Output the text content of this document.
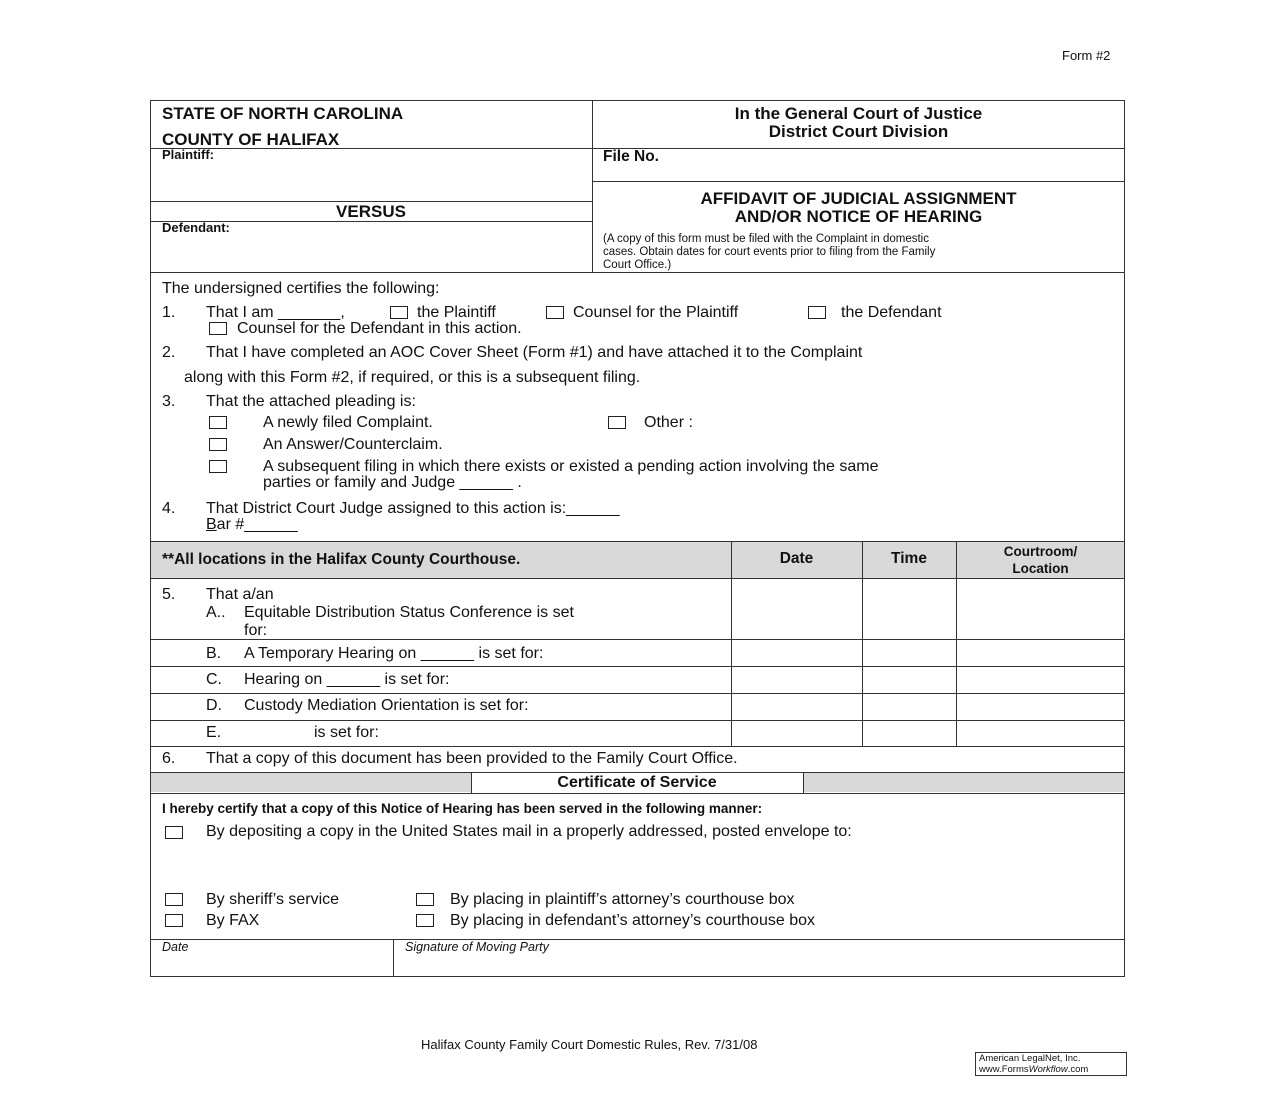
Form #2
STATE OF NORTH CAROLINA
COUNTY OF HALIFAX
In the General Court of Justice
District Court Division
Plaintiff:	File No.
VERSUS
Defendant:
AFFIDAVIT OF JUDICIAL ASSIGNMENT
AND/OR NOTICE OF HEARING
(A copy of this form must be filed with the Complaint in domestic
cases. Obtain dates for court events prior to filing from the Family
Court Office.)
The undersigned certifies the following:
1. That I am _______,	the Plaintiff	Counsel for the Plaintiff	the Defendant
Counsel for the Defendant in this action.
2. That I have completed an AOC Cover Sheet (Form #1) and have attached it to the Complaint
along with this Form #2, if required, or this is a subsequent filing.
3. That the attached pleading is:
A newly filed Complaint.	Other :
An Answer/Counterclaim.
A subsequent filing in which there exists or existed a pending action involving the same
parties or family and Judge ______ .
4. That District Court Judge assigned to this action is:______
Bar #______
**All locations in the Halifax County Courthouse.	Date	Time	Courtroom/
Location
5. That a/an
A.. Equitable Distribution Status Conference is set
for:
B. A Temporary Hearing on ______ is set for:
C. Hearing on ______ is set for:
D. Custody Mediation Orientation is set for:
E.	is set for:
6. That a copy of this document has been provided to the Family Court Office.
Certificate of Service
I hereby certify that a copy of this Notice of Hearing has been served in the following manner:
By depositing a copy in the United States mail in a properly addressed, posted envelope to:
By sheriff’s service	By placing in plaintiff’s attorney’s courthouse box
By FAX	By placing in defendant’s attorney’s courthouse box
Date	Signature of Moving Party
Halifax County Family Court Domestic Rules, Rev. 7/31/08
American LegalNet, Inc.
www.FormsWorkflow.com
